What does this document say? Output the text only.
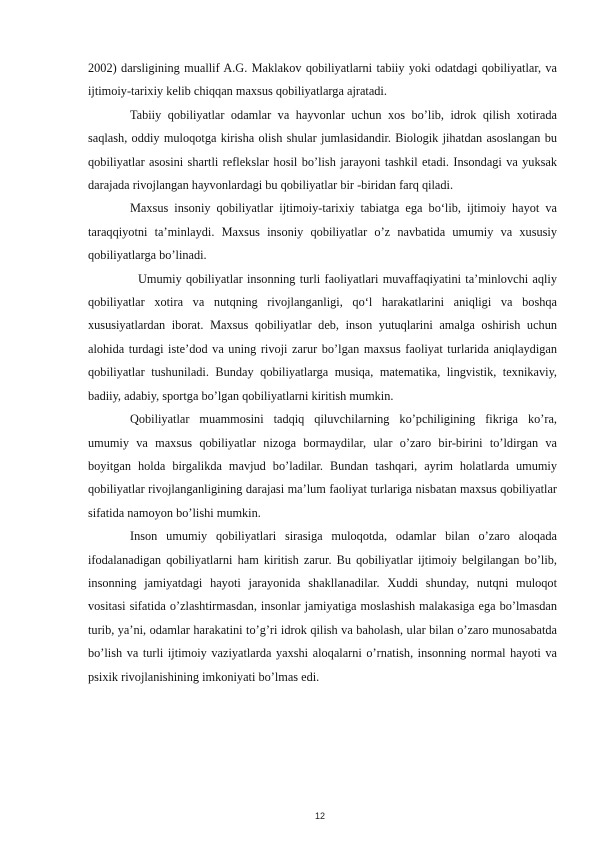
2002) darsligining muallif A.G. Maklakov qobiliyatlarni tabiiy yoki odatdagi qobiliyatlar, va ijtimoiy-tarixiy kelib chiqqan maxsus qobiliyatlarga ajratadi.

Tabiiy qobiliyatlar odamlar va hayvonlar uchun xos bo’lib, idrok qilish xotirada saqlash, oddiy muloqotga kirisha olish shular jumlasidandir. Biologik jihatdan asoslangan bu qobiliyatlar asosini shartli reflekslar hosil bo’lish jarayoni tashkil etadi. Insondagi va yuksak darajada rivojlangan hayvonlardagi bu qobiliyatlar bir -biridan farq qiladi.

Maxsus insoniy qobiliyatlar ijtimoiy-tarixiy tabiatga ega bo‘lib, ijtimoiy hayot va taraqqiyotni ta’minlaydi. Maxsus insoniy qobiliyatlar o’z navbatida umumiy va xususiy qobiliyatlarga bo’linadi.

Umumiy qobiliyatlar insonning turli faoliyatlari muvaffaqiyatini ta’minlovchi aqliy qobiliyatlar xotira va nutqning rivojlanganligi, qo‘l harakatlarini aniqligi va boshqa xususiyatlardan iborat. Maxsus qobiliyatlar deb, inson yutuqlarini amalga oshirish uchun alohida turdagi iste’dod va uning rivoji zarur bo’lgan maxsus faoliyat turlarida aniqlaydigan qobiliyatlar tushuniladi. Bunday qobiliyatlarga musiqa, matematika, lingvistik, texnikaviy, badiiy, adabiy, sportga bo’lgan qobiliyatlarni kiritish mumkin.

Qobiliyatlar muammosini tadqiq qiluvchilarning ko’pchiligining fikriga ko’ra, umumiy va maxsus qobiliyatlar nizoga bormaydilar, ular o’zaro bir-birini to’ldirgan va boyitgan holda birgalikda mavjud bo’ladilar. Bundan tashqari, ayrim holatlarda umumiy qobiliyatlar rivojlanganligining darajasi ma’lum faoliyat turlariga nisbatan maxsus qobiliyatlar sifatida namoyon bo’lishi mumkin.

Inson umumiy qobiliyatlari sirasiga muloqotda, odamlar bilan o’zaro aloqada ifodalanadigan qobiliyatlarni ham kiritish zarur. Bu qobiliyatlar ijtimoiy belgilangan bo’lib, insonning jamiyatdagi hayoti jarayonida shakllanadilar. Xuddi shunday, nutqni muloqot vositasi sifatida o’zlashtirmasdan, insonlar jamiyatiga moslashish malakasiga ega bo’lmasdan turib, ya’ni, odamlar harakatini to’g’ri idrok qilish va baholash, ular bilan o’zaro munosabatda bo’lish va turli ijtimoiy vaziyatlarda yaxshi aloqalarni o’rnatish, insonning normal hayoti va psixik rivojlanishining imkoniyati bo’lmas edi.

12
